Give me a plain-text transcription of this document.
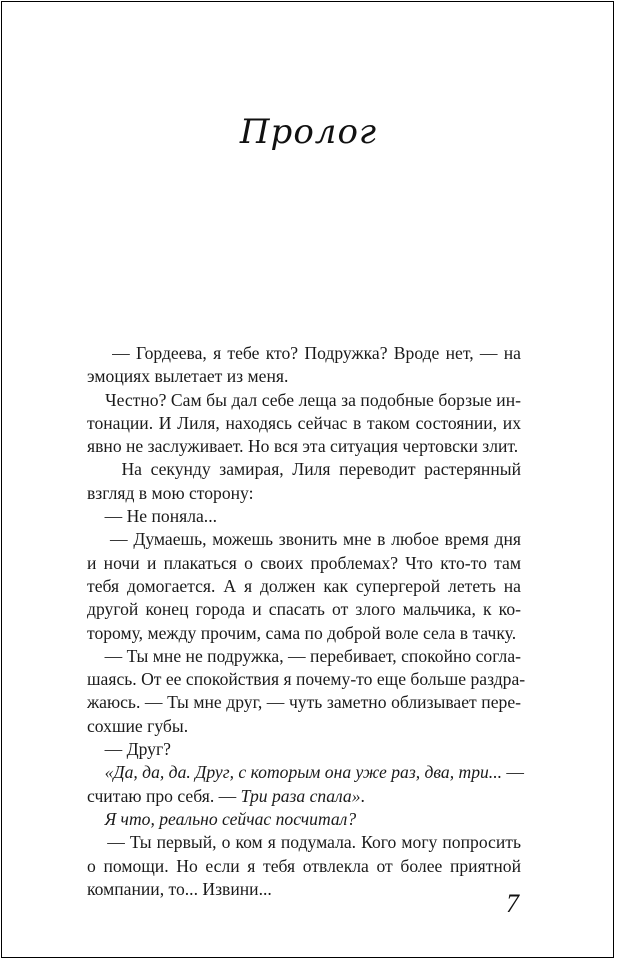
Пролог
— Гордеева, я тебе кто? Подружка? Вроде нет, — на
эмоциях вылетает из меня.
Честно? Сам бы дал себе леща за подобные борзые ин-
тонации. И Лиля, находясь сейчас в таком состоянии, их
явно не заслуживает. Но вся эта ситуация чертовски злит.
На секунду замирая, Лиля переводит растерянный
взгляд в мою сторону:
— Не поняла...
— Думаешь, можешь звонить мне в любое время дня
и ночи и плакаться о своих проблемах? Что кто-то там
тебя домогается. А я должен как супергерой лететь на
другой конец города и спасать от злого мальчика, к ко-
торому, между прочим, сама по доброй воле села в тачку.
— Ты мне не подружка, — перебивает, спокойно согла-
шаясь. От ее спокойствия я почему-то еще больше раздра-
жаюсь. — Ты мне друг, — чуть заметно облизывает пере-
сохшие губы.
— Друг?
«Да, да, да. Друг, с которым она уже раз, два, три... —
считаю про себя. — Три раза спала».
Я что, реально сейчас посчитал?
— Ты первый, о ком я подумала. Кого могу попросить
о помощи. Но если я тебя отвлекла от более приятной
компании, то... Извини...
7
